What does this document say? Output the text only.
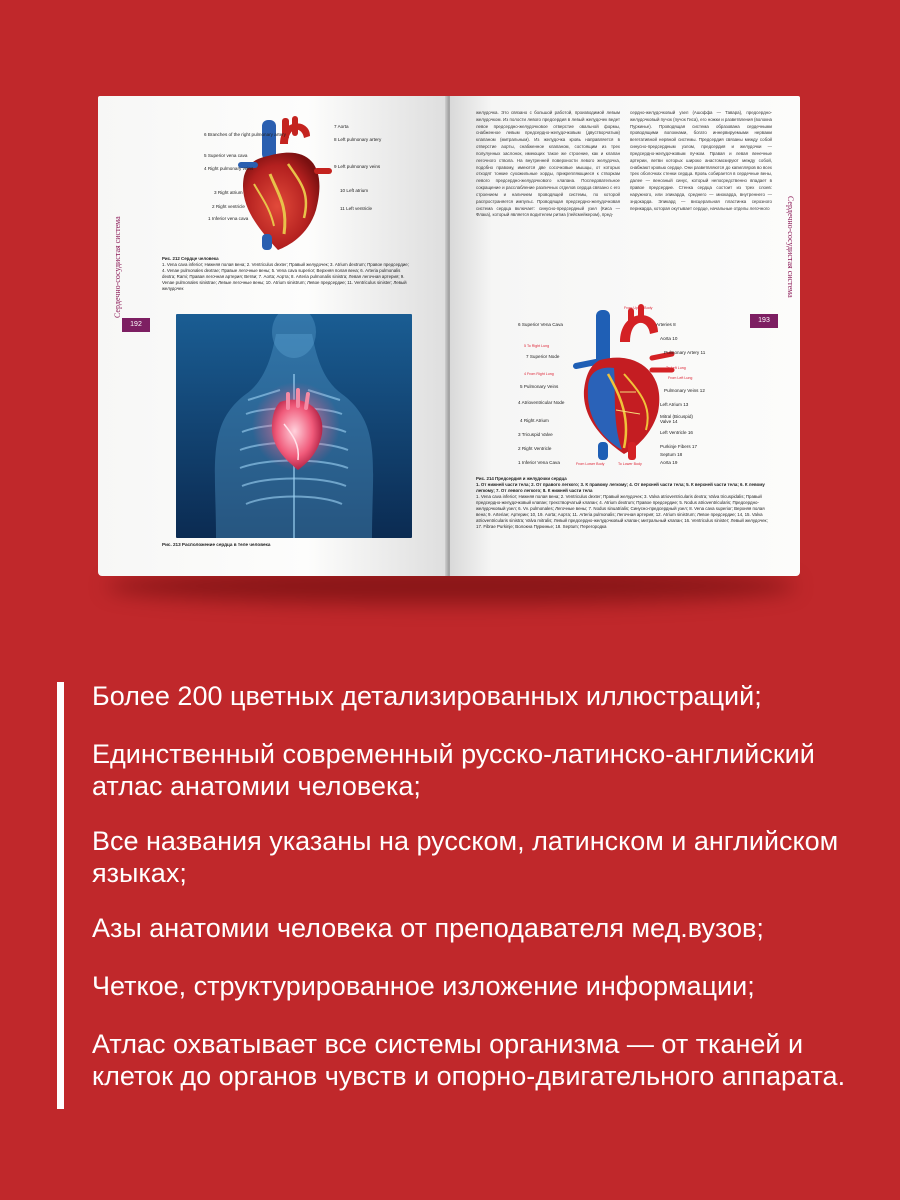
Сердечно-сосудистая система
192
6 Branches of the right pulmonary artery
5 Superior vena cava
4 Right pulmonary veins
3 Right atrium
2 Right ventricle
1 Inferior vena cava
7 Aorta
8 Left pulmonary artery
9 Left pulmonary veins
10 Left atrium
11 Left ventricle
Рис. 212 Сердце человека
1. Vena cava inferior; Нижняя полая вена; 2. Ventriculus dexter; Правый желудочек; 3. Atrium dextrum; Правое предсердие; 4. Venae pulmonales dextrae; Правые легочные вены; 5. Vena cava superior; Верхняя полая вена; 6. Arteria pulmonalis dextra; Rami; Правая легочная артерия; Ветви; 7. Aorta; Аорта; 8. Arteria pulmonalis sinistra; Левая легочная артерия; 9. Venae pulmonales sinistrae; Левые легочные вены; 10. Atrium sinistrum; Левое предсердие; 11. Ventriculus sinister; Левый желудочек
Рис. 213 Расположение сердца в теле человека
желудочка. Это связано с большой работой, производимой левым желудочком. Из полости левого предсердия в левый желудочек ведет левое предсердно-желудочковое отверстие овальной формы, снабженное левым предсердно-желудочковым (двустворчатым) клапаном (митральным). Из желудочка кровь направляется в отверстие аорты, снабженное клапаном, состоящим из трех полулунных заслонок, имеющих такое же строение, как и клапан легочного ствола. На внутренней поверхности левого желудочка, подобно правому, имеются две сосочковые мышцы, от которых отходят тонкие сухожильные хорды, прикрепляющиеся к створкам левого предсердно-желудочкового клапана. Последовательное сокращение и расслабление различных отделов сердца связано с его строением и наличием проводящей системы, по которой распространяется импульс. Проводящая предсердно-желудочковая система сердца включает: синусно-предсердный узел (Киса — Флака), который является водителем ритма (пейсмейкером), пред-
сердно-желудочковый узел (Ашоффа — Тавара), предсердно-желудочковый пучок (пучок Гиса), его ножки и разветвления (волокна Пуркинье). Проводящая система образована сердечными проводящими волокнами, богато иннервируемыми нервами вегетативной нервной системы. Предсердия связаны между собой синусно-предсердным узлом, предсердия и желудочки — предсердно-желудочковым пучком. Правая и левая венечные артерии, ветви которых широко анастомозируют между собой, снабжают кровью сердце. Они разветвляются до капилляров во всех трех оболочках стенки сердца. Кровь собирается в сердечные вены, далее — венозный синус, который непосредственно впадает в правое предсердие. Стенка сердца состоит из трех слоев: наружного, или эпикарда, среднего — миокарда, внутреннего — эндокарда. Эпикард — висцеральная пластинка серозного перикарда, которая окутывает сердце, начальные отделы легочного Сердечно-сосудистая система
193
From Upper Body
6 Superior Vena Cava
5 To Right Lung
7 Superior Node
4 From Right Lung
5 Pulmonary Veins
4 Atrioventricular Node
4 Right Atrium
3 Tricuspid Valve
2 Right Ventricle
1 Inferior Vena Cava
Arteries 8
Aorta 10
Pulmonary Artery 11
To Left Lung
From Left Lung
Pulmonary Veins 12
Left Atrium 13
Mitral (Bicuspid) Valve 14
Left Ventricle 16
Purkinje Fibers 17
Septum 18
Aorta 19
From Lower Body	To Lower Body
Рис. 214 Предсердия и желудочки сердца
1. От нижней части тела; 2. От правого легкого; 3. К правому легкому; 4. От верхней части тела; 5. К верхней части тела; 6. К левому легкому; 7. От левого легкого; 8. К нижней части тела
1. Vena cava inferior; Нижняя полая вена; 2. Ventriculus dexter; Правый желудочек; 3. Valva atrioventricularis dextra; Valva tricuspidalis; Правый предсердно-желудочковый клапан; трехстворчатый клапан; 4. Atrium dextrum; Правое предсердие; 5. Nodus atrioventricularis; Предсердно-желудочковый узел; 6. Vv. pulmonales; Легочные вены; 7. Nodus sinuatrialis; Синусно-предсердный узел; 8. Vena cava superior; Верхняя полая вена; 9. Arteriae; Артерии; 10, 19. Aorta; Аорта; 11. Arteria pulmonalis; Легочная артерия; 12. Atrium sinistrum; Левое предсердие; 14, 15. Valva atrioventricularis sinistra; Valva mitralis; Левый предсердно-желудочковый клапан; митральный клапан; 16. Ventriculus sinister; Левый желудочек; 17. Fibrae Purkinje; Волокна Пуркинье; 18. Septum; Перегородка
Более 200 цветных детализированных иллюстраций;
Единственный современный русско-латинско-английский атлас анатомии человека;
Все названия указаны на русском, латинском и английском языках;
Азы анатомии человека от преподавателя мед.вузов;
Четкое, структурированное изложение информации;
Атлас охватывает все системы организма — от тканей и клеток до органов чувств и опорно-двигательного аппарата.
